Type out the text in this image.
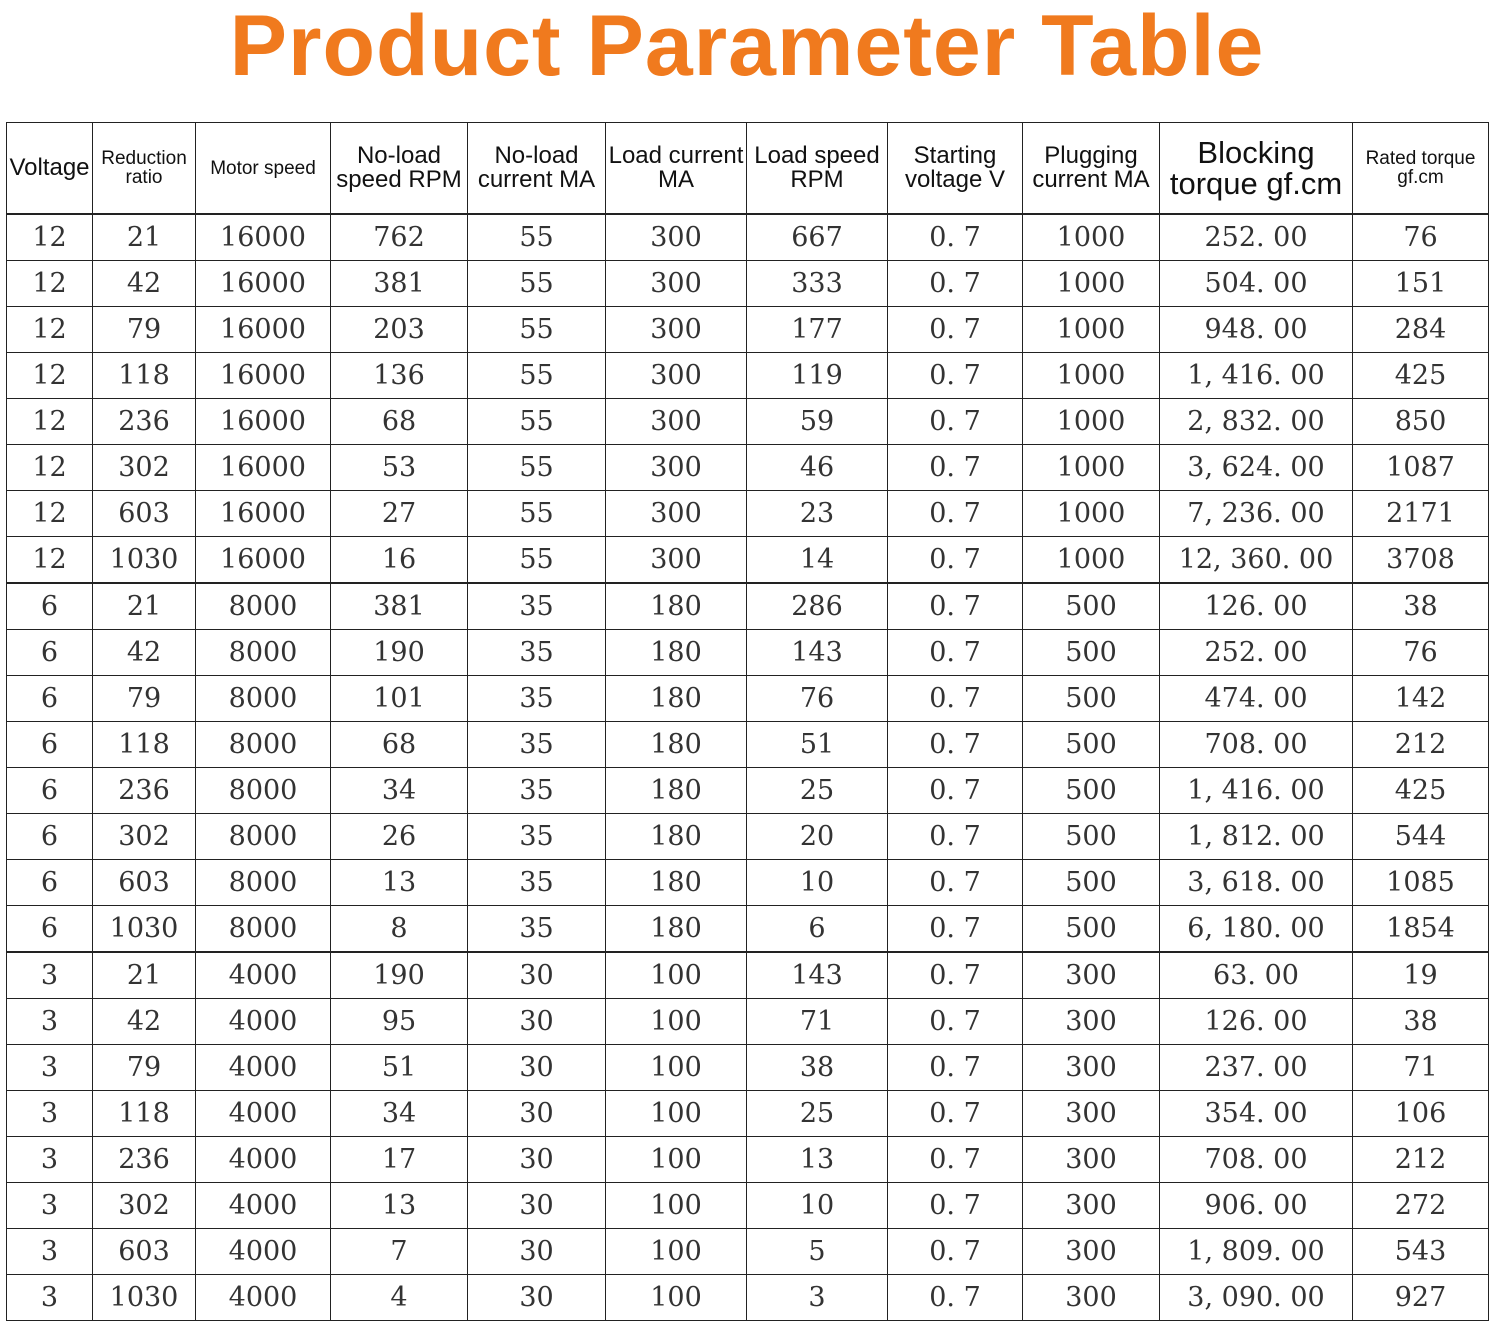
Product Parameter Table
Voltage	Reduction ratio	Motor speed	No-load speed RPM	No-load current MA	Load current MA	Load speed RPM	Starting voltage V	Plugging current MA	Blocking torque gf.cm	Rated torque gf.cm
12	21	16000	762	55	300	667	0. 7	1000	252. 00	76
12	42	16000	381	55	300	333	0. 7	1000	504. 00	151
12	79	16000	203	55	300	177	0. 7	1000	948. 00	284
12	118	16000	136	55	300	119	0. 7	1000	1, 416. 00	425
12	236	16000	68	55	300	59	0. 7	1000	2, 832. 00	850
12	302	16000	53	55	300	46	0. 7	1000	3, 624. 00	1087
12	603	16000	27	55	300	23	0. 7	1000	7, 236. 00	2171
12	1030	16000	16	55	300	14	0. 7	1000	12, 360. 00	3708
6	21	8000	381	35	180	286	0. 7	500	126. 00	38
6	42	8000	190	35	180	143	0. 7	500	252. 00	76
6	79	8000	101	35	180	76	0. 7	500	474. 00	142
6	118	8000	68	35	180	51	0. 7	500	708. 00	212
6	236	8000	34	35	180	25	0. 7	500	1, 416. 00	425
6	302	8000	26	35	180	20	0. 7	500	1, 812. 00	544
6	603	8000	13	35	180	10	0. 7	500	3, 618. 00	1085
6	1030	8000	8	35	180	6	0. 7	500	6, 180. 00	1854
3	21	4000	190	30	100	143	0. 7	300	63. 00	19
3	42	4000	95	30	100	71	0. 7	300	126. 00	38
3	79	4000	51	30	100	38	0. 7	300	237. 00	71
3	118	4000	34	30	100	25	0. 7	300	354. 00	106
3	236	4000	17	30	100	13	0. 7	300	708. 00	212
3	302	4000	13	30	100	10	0. 7	300	906. 00	272
3	603	4000	7	30	100	5	0. 7	300	1, 809. 00	543
3	1030	4000	4	30	100	3	0. 7	300	3, 090. 00	927
